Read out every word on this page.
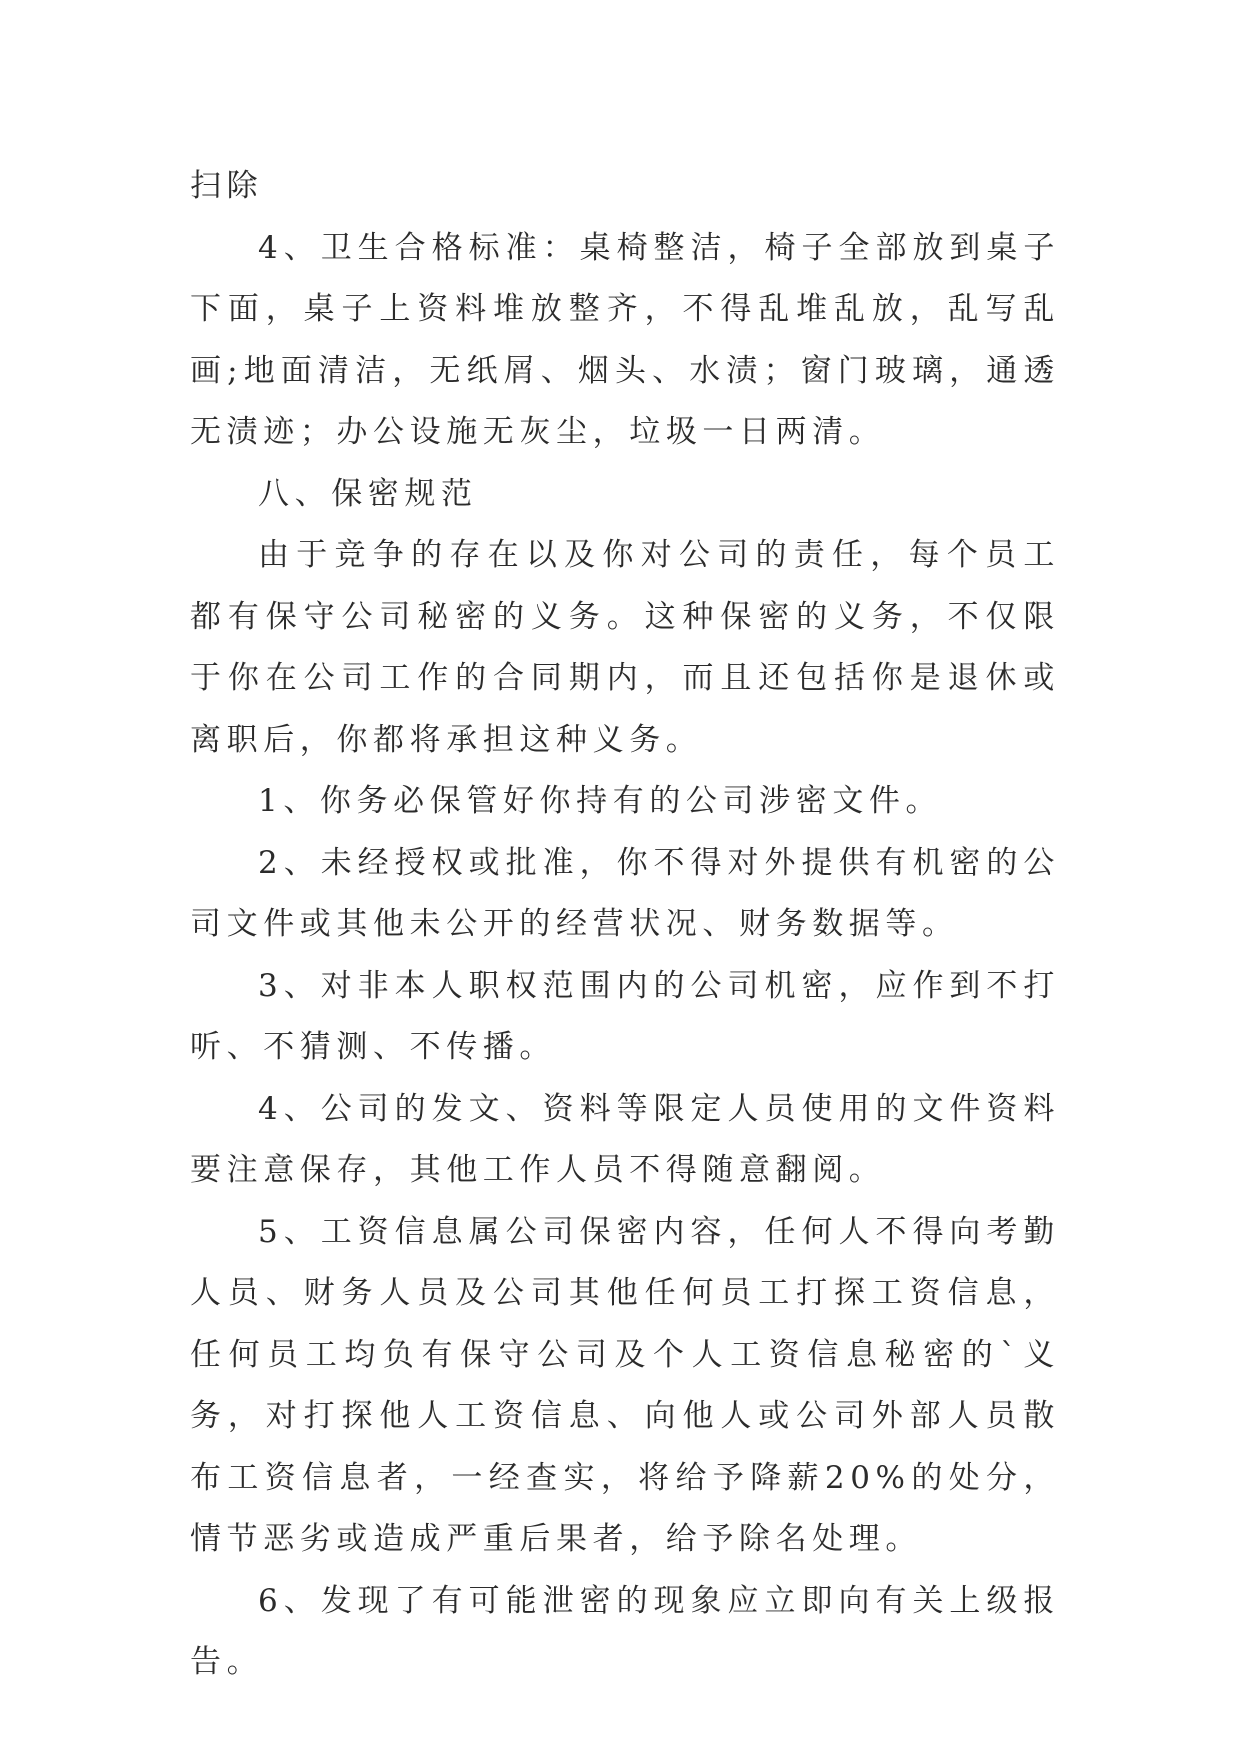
扫除

4、卫生合格标准：桌椅整洁，椅子全部放到桌子下面，桌子上资料堆放整齐，不得乱堆乱放，乱写乱画;地面清洁，无纸屑、烟头、水渍；窗门玻璃，通透无渍迹；办公设施无灰尘，垃圾一日两清。

八、保密规范

由于竞争的存在以及你对公司的责任，每个员工都有保守公司秘密的义务。这种保密的义务，不仅限于你在公司工作的合同期内，而且还包括你是退休或离职后，你都将承担这种义务。

1、你务必保管好你持有的公司涉密文件。

2、未经授权或批准，你不得对外提供有机密的公司文件或其他未公开的经营状况、财务数据等。

3、对非本人职权范围内的公司机密，应作到不打听、不猜测、不传播。

4、公司的发文、资料等限定人员使用的文件资料要注意保存，其他工作人员不得随意翻阅。

5、工资信息属公司保密内容，任何人不得向考勤人员、财务人员及公司其他任何员工打探工资信息，任何员工均负有保守公司及个人工资信息秘密的`义务，对打探他人工资信息、向他人或公司外部人员散布工资信息者，一经查实，将给予降薪20%的处分，情节恶劣或造成严重后果者，给予除名处理。

6、发现了有可能泄密的现象应立即向有关上级报告。
